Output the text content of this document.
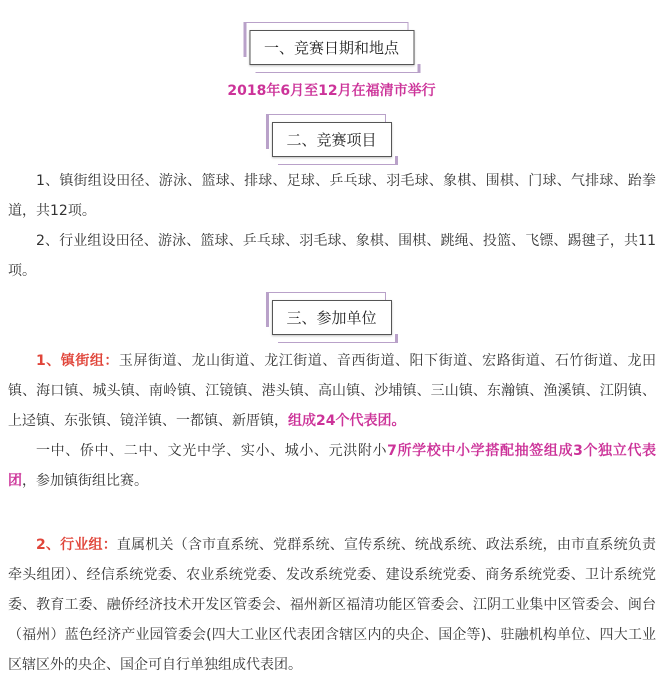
一、竞赛日期和地点
2018年6月至12月在福清市举行
二、竞赛项目
1、镇街组设田径、游泳、篮球、排球、足球、乒乓球、羽毛球、象棋、围棋、门球、气排球、跆拳道，共12项。
2、行业组设田径、游泳、篮球、乒乓球、羽毛球、象棋、围棋、跳绳、投篮、飞镖、踢毽子，共11项。
三、参加单位
1、镇街组：玉屏街道、龙山街道、龙江街道、音西街道、阳下街道、宏路街道、石竹街道、龙田镇、海口镇、城头镇、南岭镇、江镜镇、港头镇、高山镇、沙埔镇、三山镇、东瀚镇、渔溪镇、江阴镇、上迳镇、东张镇、镜洋镇、一都镇、新厝镇，组成24个代表团。
一中、侨中、二中、文光中学、实小、城小、元洪附小7所学校中小学搭配抽签组成3个独立代表团，参加镇街组比赛。
2、行业组：直属机关（含市直系统、党群系统、宣传系统、统战系统、政法系统，由市直系统负责牵头组团）、经信系统党委、农业系统党委、发改系统党委、建设系统党委、商务系统党委、卫计系统党委、教育工委、融侨经济技术开发区管委会、福州新区福清功能区管委会、江阴工业集中区管委会、闽台（福州）蓝色经济产业园管委会(四大工业区代表团含辖区内的央企、国企等)、驻融机构单位、四大工业区辖区外的央企、国企可自行单独组成代表团。
